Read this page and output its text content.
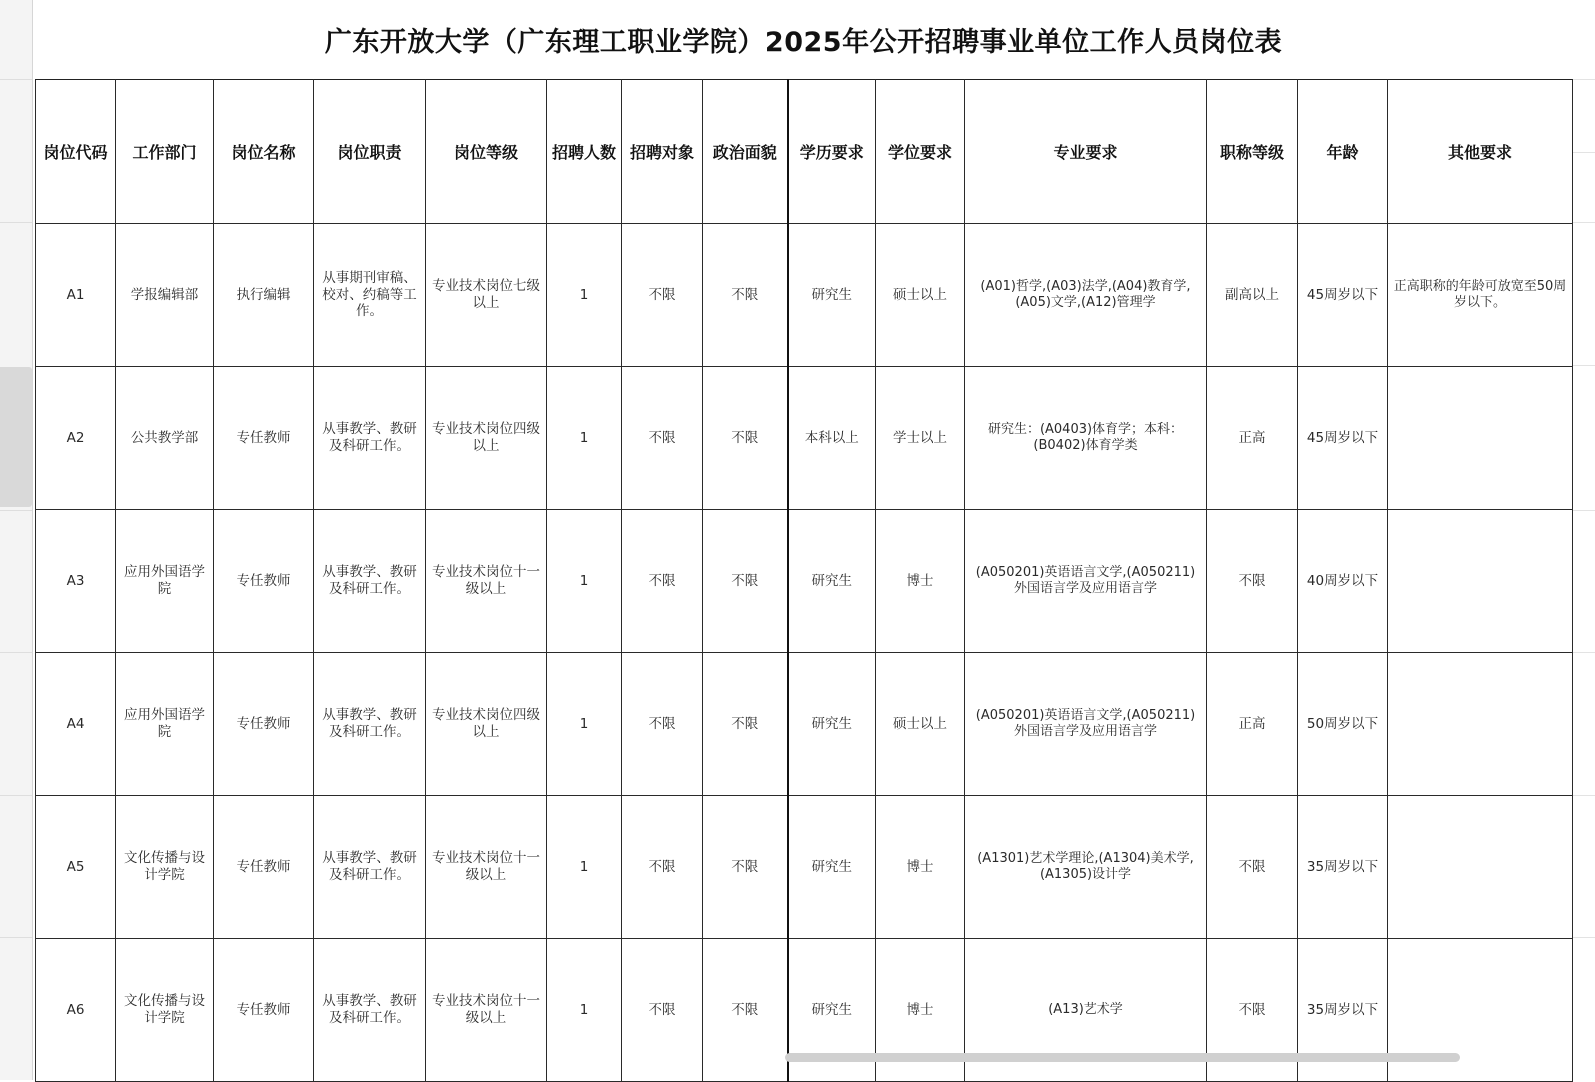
广东开放大学（广东理工职业学院）2025年公开招聘事业单位工作人员岗位表
岗位代码	工作部门	岗位名称	岗位职责	岗位等级	招聘人数	招聘对象	政治面貌	学历要求	学位要求	专业要求	职称等级	年龄	其他要求
A1	学报编辑部	执行编辑	从事期刊审稿、校对、约稿等工作。	专业技术岗位七级以上	1	不限	不限	研究生	硕士以上	(A01)哲学,(A03)法学,(A04)教育学,(A05)文学,(A12)管理学	副高以上	45周岁以下	正高职称的年龄可放宽至50周岁以下。
A2	公共教学部	专任教师	从事教学、教研及科研工作。	专业技术岗位四级以上	1	不限	不限	本科以上	学士以上	研究生：(A0403)体育学；本科：(B0402)体育学类	正高	45周岁以下	
A3	应用外国语学院	专任教师	从事教学、教研及科研工作。	专业技术岗位十一级以上	1	不限	不限	研究生	博士	(A050201)英语语言文学,(A050211)外国语言学及应用语言学	不限	40周岁以下	
A4	应用外国语学院	专任教师	从事教学、教研及科研工作。	专业技术岗位四级以上	1	不限	不限	研究生	硕士以上	(A050201)英语语言文学,(A050211)外国语言学及应用语言学	正高	50周岁以下	
A5	文化传播与设计学院	专任教师	从事教学、教研及科研工作。	专业技术岗位十一级以上	1	不限	不限	研究生	博士	(A1301)艺术学理论,(A1304)美术学,(A1305)设计学	不限	35周岁以下	
A6	文化传播与设计学院	专任教师	从事教学、教研及科研工作。	专业技术岗位十一级以上	1	不限	不限	研究生	博士	(A13)艺术学	不限	35周岁以下	
